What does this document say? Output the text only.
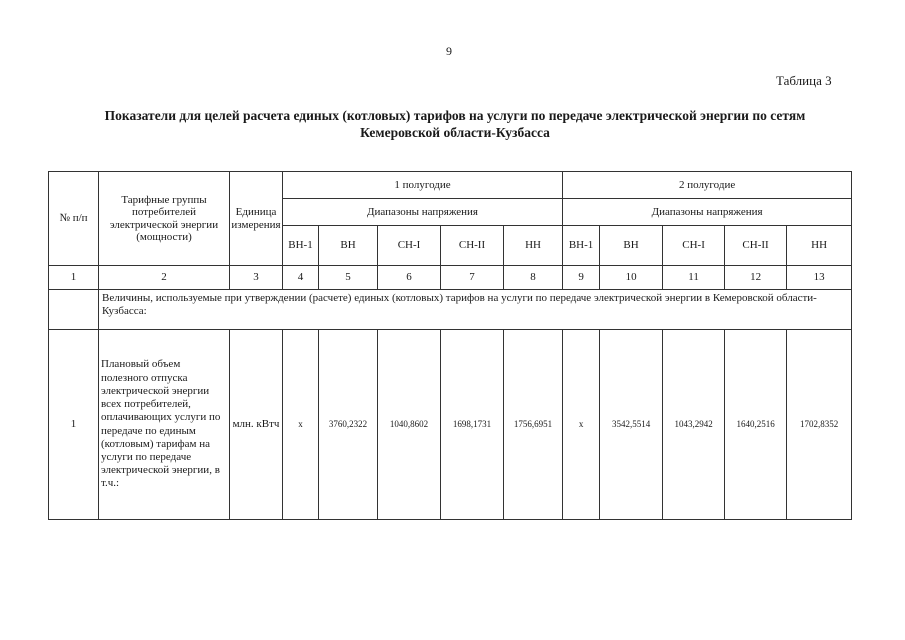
9
Таблица 3
Показатели для целей расчета единых (котловых) тарифов на услуги по передаче электрической энергии по сетям Кемеровской области-Кузбасса
№ п/п	Тарифные группы потребителей электрической энергии (мощности)	Единица измерения	1 полугодие					2 полугодие				
			Диапазоны напряжения					Диапазоны напряжения				
			ВН-1	ВН	СН-I	СН-II	НН	ВН-1	ВН	СН-I	СН-II	НН
1	2	3	4	5	6	7	8	9	10	11	12	13
	Величины, используемые при утверждении (расчете) единых (котловых) тарифов на услуги по передаче электрической энергии в Кемеровской области-Кузбасса:											
1	Плановый объем полезного отпуска электрической энергии всех потребителей, оплачивающих услуги по передаче по единым (котловым) тарифам на услуги по передаче электрической энергии, в т.ч.:	млн. кВтч	х	3760,2322	1040,8602	1698,1731	1756,6951	х	3542,5514	1043,2942	1640,2516	1702,8352
